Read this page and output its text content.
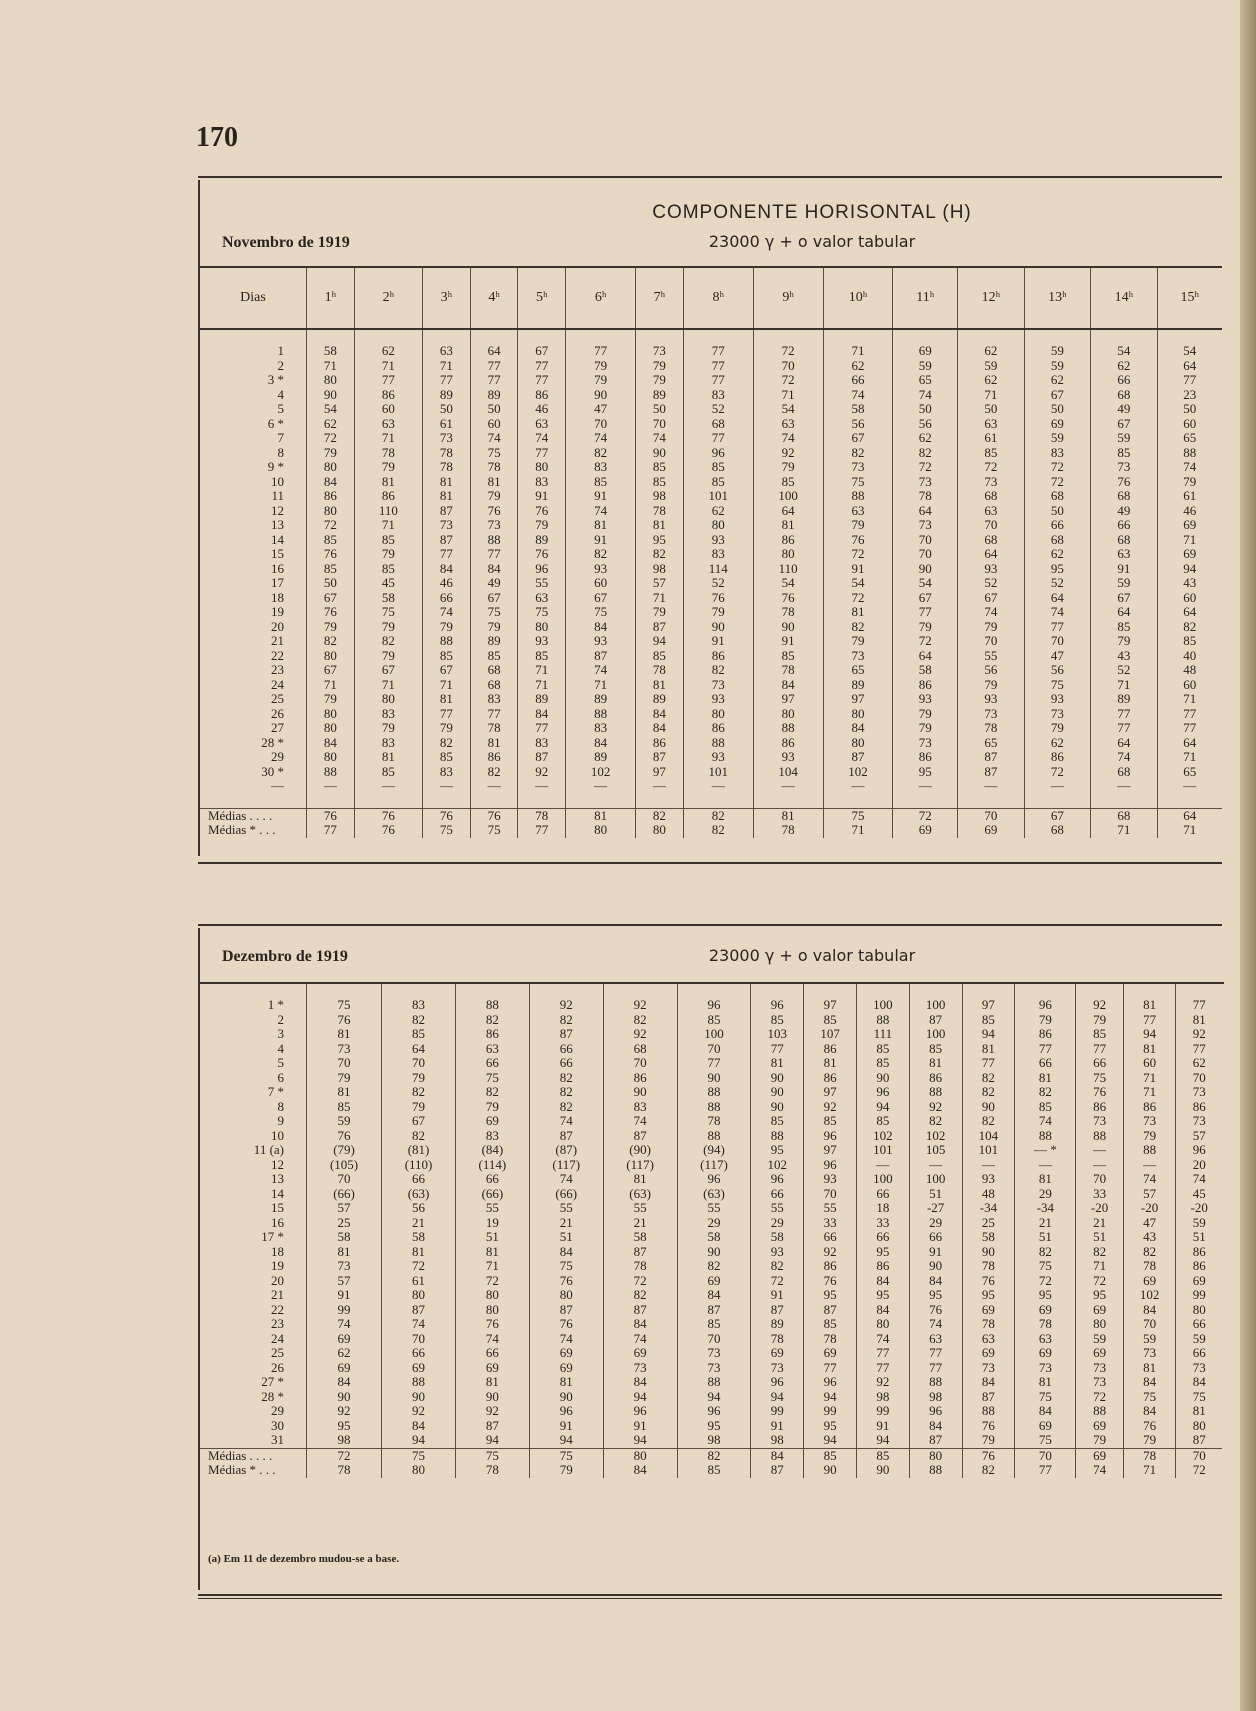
170
COMPONENTE HORISONTAL (H)
Novembro de 1919	23000 γ + o valor tabular
Dias	1ʰ	2ʰ	3ʰ	4ʰ	5ʰ	6ʰ	7ʰ	8ʰ	9ʰ	10ʰ	11ʰ	12ʰ	13ʰ	14ʰ	15ʰ

1	58	62	63	64	67	77	73	77	72	71	69	62	59	54	54
2	71	71	71	77	77	79	79	77	70	62	59	59	59	62	64
3 *	80	77	77	77	77	79	79	77	72	66	65	62	62	66	77
4	90	86	89	89	86	90	89	83	71	74	74	71	67	68	23
5	54	60	50	50	46	47	50	52	54	58	50	50	50	49	50
6 *	62	63	61	60	63	70	70	68	63	56	56	63	69	67	60
7	72	71	73	74	74	74	74	77	74	67	62	61	59	59	65
8	79	78	78	75	77	82	90	96	92	82	82	85	83	85	88
9 *	80	79	78	78	80	83	85	85	79	73	72	72	72	73	74
10	84	81	81	81	83	85	85	85	85	75	73	73	72	76	79
11	86	86	81	79	91	91	98	101	100	88	78	68	68	68	61
12	80	110	87	76	76	74	78	62	64	63	64	63	50	49	46
13	72	71	73	73	79	81	81	80	81	79	73	70	66	66	69
14	85	85	87	88	89	91	95	93	86	76	70	68	68	68	71
15	76	79	77	77	76	82	82	83	80	72	70	64	62	63	69
16	85	85	84	84	96	93	98	114	110	91	90	93	95	91	94
17	50	45	46	49	55	60	57	52	54	54	54	52	52	59	43
18	67	58	66	67	63	67	71	76	76	72	67	67	64	67	60
19	76	75	74	75	75	75	79	79	78	81	77	74	74	64	64
20	79	79	79	79	80	84	87	90	90	82	79	79	77	85	82
21	82	82	88	89	93	93	94	91	91	79	72	70	70	79	85
22	80	79	85	85	85	87	85	86	85	73	64	55	47	43	40
23	67	67	67	68	71	74	78	82	78	65	58	56	56	52	48
24	71	71	71	68	71	71	81	73	84	89	86	79	75	71	60
25	79	80	81	83	89	89	89	93	97	97	93	93	93	89	71
26	80	83	77	77	84	88	84	80	80	80	79	73	73	77	77
27	80	79	79	78	77	83	84	86	88	84	79	78	79	77	77
28 *	84	83	82	81	83	84	86	88	86	80	73	65	62	64	64
29	80	81	85	86	87	89	87	93	93	87	86	87	86	74	71
30 *	88	85	83	82	92	102	97	101	104	102	95	87	72	68	65
—	—	—	—	—	—	—	—	—	—	—	—	—	—	—	—

Médias . . . .	76	76	76	76	78	81	82	82	81	75	72	70	67	68	64
Médias * . . .	77	76	75	75	77	80	80	82	78	71	69	69	68	71	71
Dezembro de 1919	23000 γ + o valor tabular

1 *	75	83	88	92	92	96	96	97	100	100	97	96	92	81	77
2	76	82	82	82	82	85	85	85	88	87	85	79	79	77	81
3	81	85	86	87	92	100	103	107	111	100	94	86	85	94	92
4	73	64	63	66	68	70	77	86	85	85	81	77	77	81	77
5	70	70	66	66	70	77	81	81	85	81	77	66	66	60	62
6	79	79	75	82	86	90	90	86	90	86	82	81	75	71	70
7 *	81	82	82	82	90	88	90	97	96	88	82	82	76	71	73
8	85	79	79	82	83	88	90	92	94	92	90	85	86	86	86
9	59	67	69	74	74	78	85	85	85	82	82	74	73	73	73
10	76	82	83	87	87	88	88	96	102	102	104	88	88	79	57
11 (a)	(79)	(81)	(84)	(87)	(90)	(94)	95	97	101	105	101	— *	—	88	96
12	(105)	(110)	(114)	(117)	(117)	(117)	102	96	—	—	—	—	—	—	20
13	70	66	66	74	81	96	96	93	100	100	93	81	70	74	74
14	(66)	(63)	(66)	(66)	(63)	(63)	66	70	66	51	48	29	33	57	45
15	57	56	55	55	55	55	55	55	18	-27	-34	-34	-20	-20	-20
16	25	21	19	21	21	29	29	33	33	29	25	21	21	47	59
17 *	58	58	51	51	58	58	58	66	66	66	58	51	51	43	51
18	81	81	81	84	87	90	93	92	95	91	90	82	82	82	86
19	73	72	71	75	78	82	82	86	86	90	78	75	71	78	86
20	57	61	72	76	72	69	72	76	84	84	76	72	72	69	69
21	91	80	80	80	82	84	91	95	95	95	95	95	95	102	99
22	99	87	80	87	87	87	87	87	84	76	69	69	69	84	80
23	74	74	76	76	84	85	89	85	80	74	78	78	80	70	66
24	69	70	74	74	74	70	78	78	74	63	63	63	59	59	59
25	62	66	66	69	69	73	69	69	77	77	69	69	69	73	66
26	69	69	69	69	73	73	73	77	77	77	73	73	73	81	73
27 *	84	88	81	81	84	88	96	96	92	88	84	81	73	84	84
28 *	90	90	90	90	94	94	94	94	98	98	87	75	72	75	75
29	92	92	92	96	96	96	99	99	99	96	88	84	88	84	81
30	95	84	87	91	91	95	91	95	91	84	76	69	69	76	80
31	98	94	94	94	94	98	98	94	94	87	79	75	79	79	87
Médias . . . .	72	75	75	75	80	82	84	85	85	80	76	70	69	78	70
Médias * . . .	78	80	78	79	84	85	87	90	90	88	82	77	74	71	72
(a) Em 11 de dezembro mudou-se a base.
